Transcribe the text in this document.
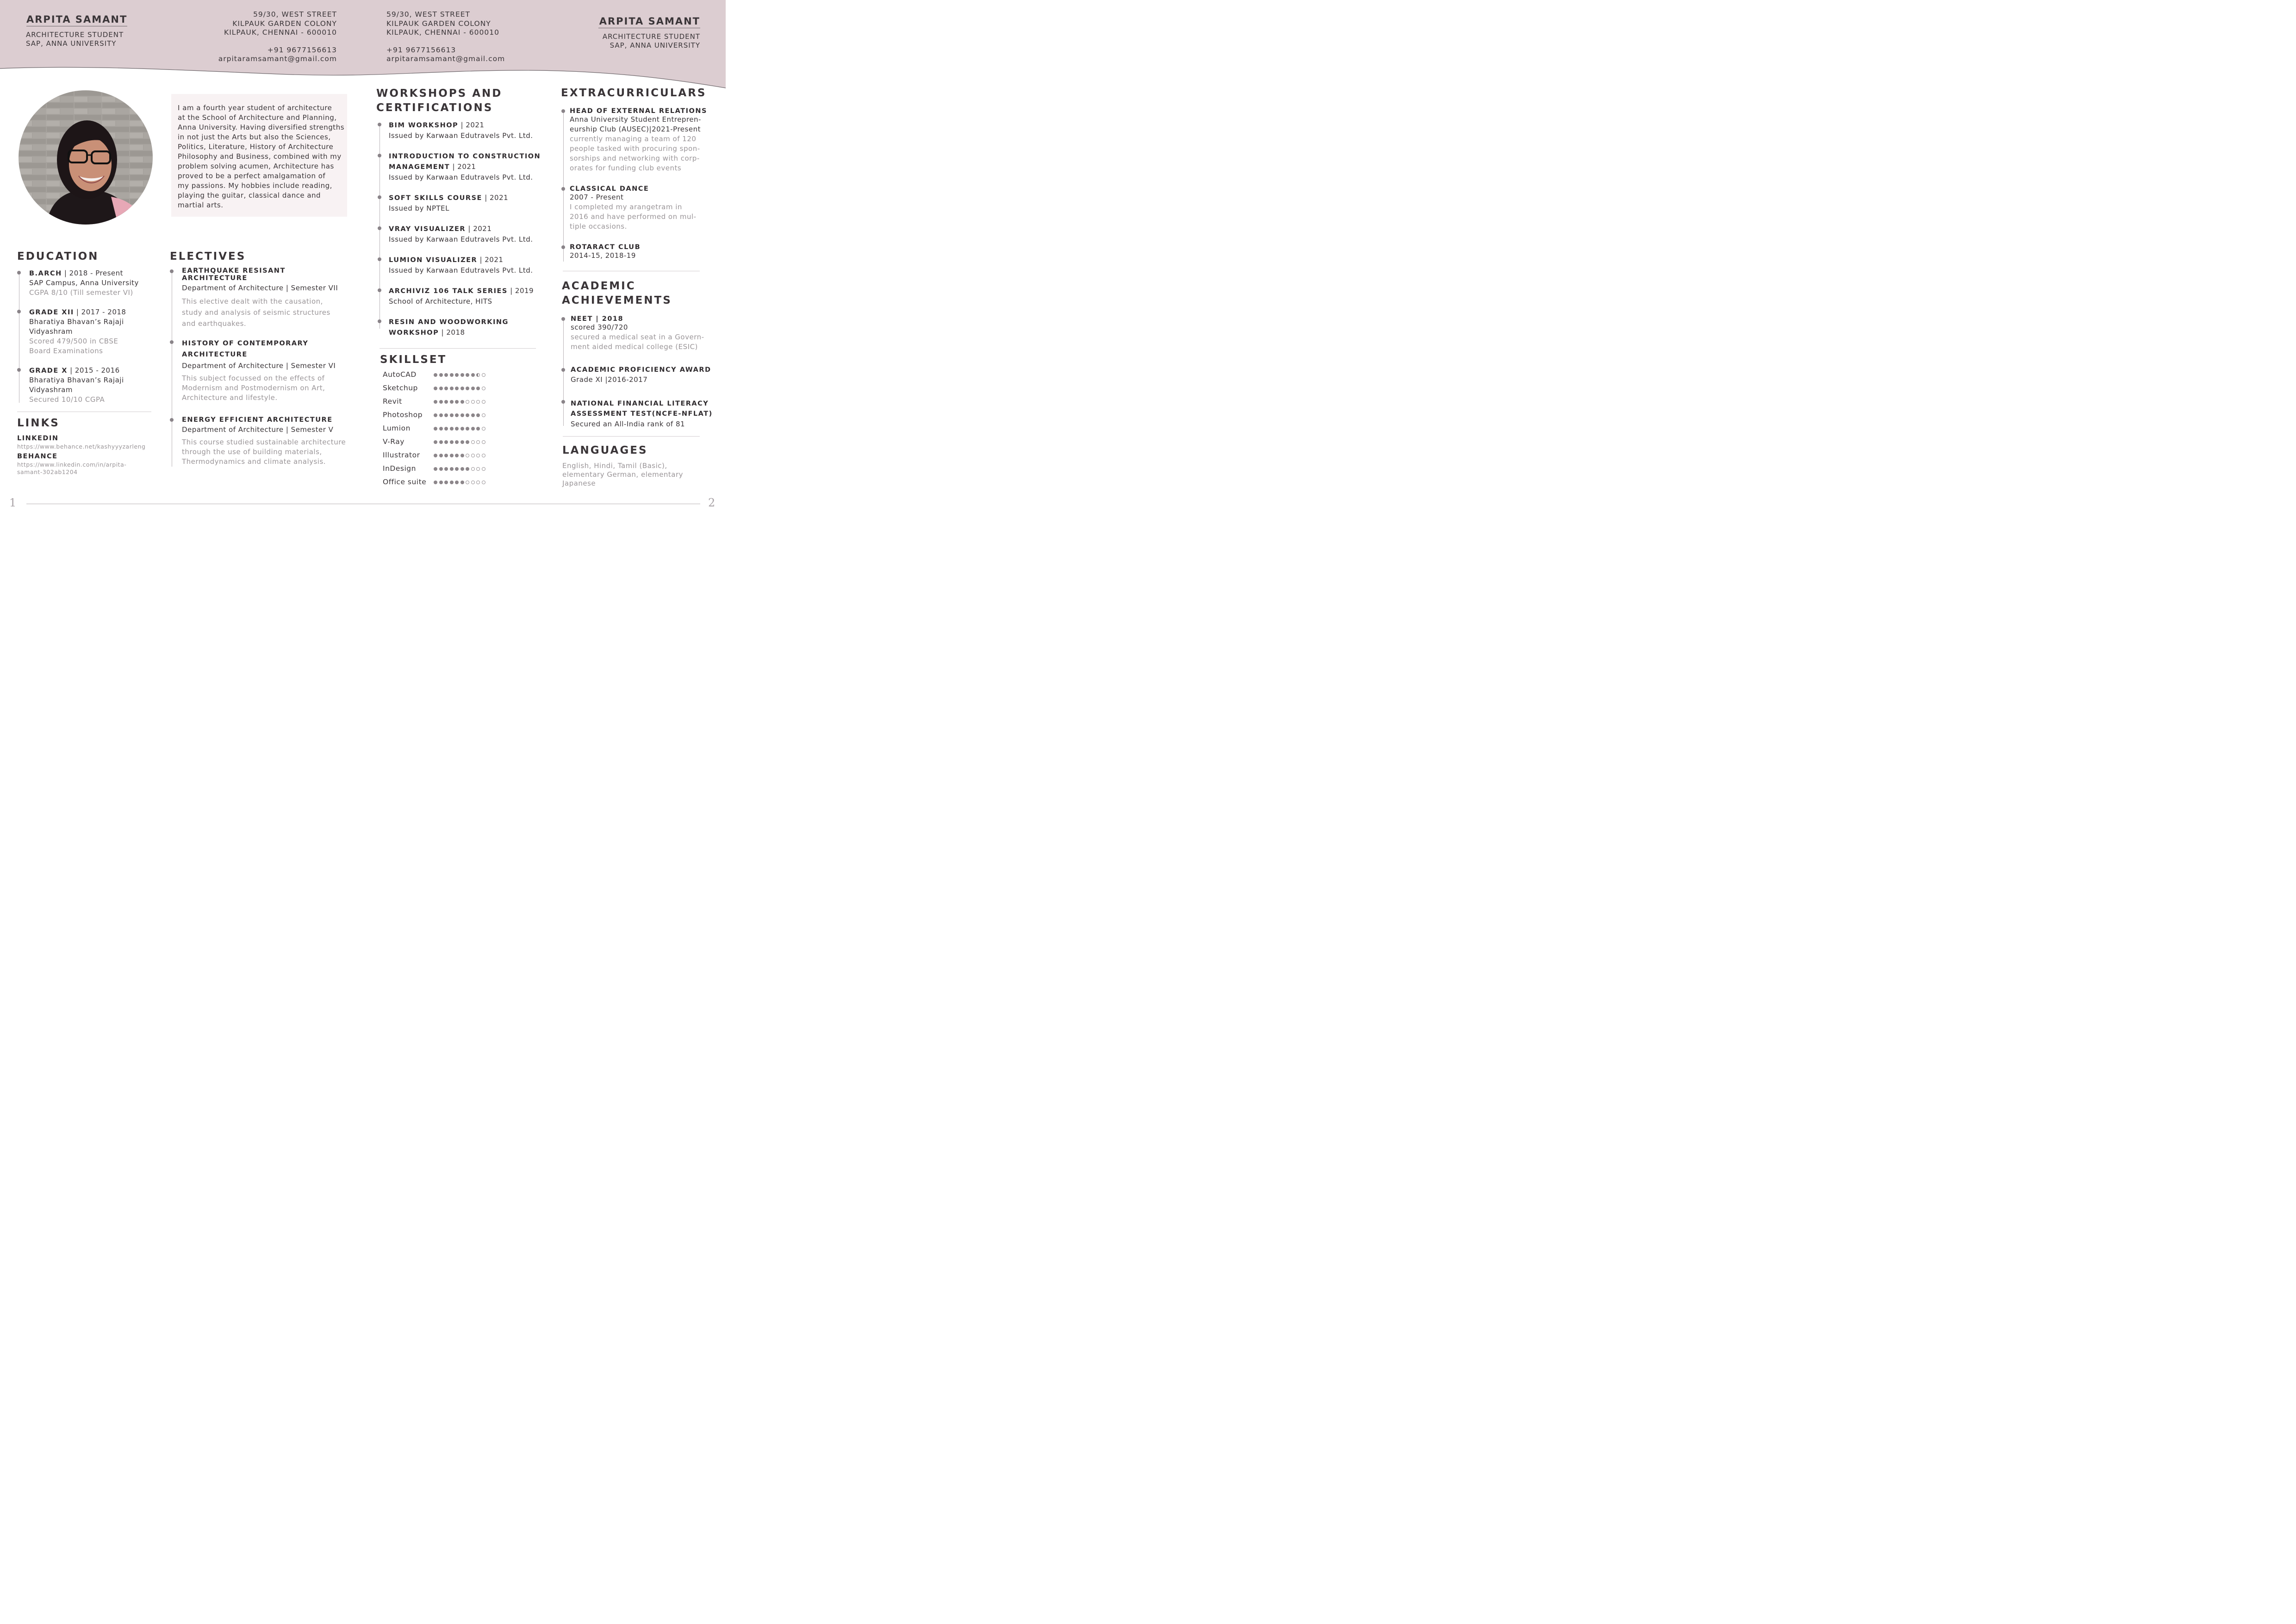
ARPITA SAMANT
ARCHITECTURE STUDENT
SAP, ANNA UNIVERSITY
59/30, WEST STREET
KILPAUK GARDEN COLONY
KILPAUK, CHENNAI - 600010
+91 9677156613
arpitaramsamant@gmail.com
59/30, WEST STREET
KILPAUK GARDEN COLONY
KILPAUK, CHENNAI - 600010
+91 9677156613
arpitaramsamant@gmail.com
ARPITA SAMANT
ARCHITECTURE STUDENT
SAP, ANNA UNIVERSITY
I am a fourth year student of architecture
at the School of Architecture and Planning,
Anna University. Having diversified strengths
in not just the Arts but also the Sciences,
Politics, Literature, History of Architecture
Philosophy and Business, combined with my
problem solving acumen, Architecture has
proved to be a perfect amalgamation of
my passions. My hobbies include reading,
playing the guitar, classical dance and
martial arts.
EDUCATION
B.ARCH | 2018 - Present
SAP Campus, Anna University
CGPA 8/10 (Till semester VI)
GRADE XII | 2017 - 2018
Bharatiya Bhavan’s Rajaji
Vidyashram
Scored 479/500 in CBSE
Board Examinations
GRADE X | 2015 - 2016
Bharatiya Bhavan’s Rajaji
Vidyashram
Secured 10/10 CGPA
LINKS
LINKEDIN
https://www.behance.net/kashyyyzarleng
BEHANCE
https://www.linkedin.com/in/arpita-
samant-302ab1204
ELECTIVES
EARTHQUAKE RESISANT ARCHITECTURE
Department of Architecture | Semester VII
This elective dealt with the causation,
study and analysis of seismic structures
and earthquakes.
HISTORY OF CONTEMPORARY
ARCHITECTURE
Department of Architecture | Semester VI
This subject focussed on the effects of
Modernism and Postmodernism on Art,
Architecture and lifestyle.
ENERGY EFFICIENT ARCHITECTURE
Department of Architecture | Semester V
This course studied sustainable architecture
through the use of building materials,
Thermodynamics and climate analysis.
WORKSHOPS AND
CERTIFICATIONS
BIM WORKSHOP | 2021
Issued by Karwaan Edutravels Pvt. Ltd.
INTRODUCTION TO CONSTRUCTION
MANAGEMENT | 2021
Issued by Karwaan Edutravels Pvt. Ltd.
SOFT SKILLS COURSE | 2021
Issued by NPTEL
VRAY VISUALIZER | 2021
Issued by Karwaan Edutravels Pvt. Ltd.
LUMION VISUALIZER | 2021
Issued by Karwaan Edutravels Pvt. Ltd.
ARCHIVIZ 106 TALK SERIES | 2019
School of Architecture, HITS
RESIN AND WOODWORKING
WORKSHOP | 2018
SKILLSET
AutoCAD
Sketchup
Revit
Photoshop
Lumion
V-Ray
Illustrator
InDesign
Office suite
EXTRACURRICULARS
HEAD OF EXTERNAL RELATIONS
Anna University Student Entrepren-
eurship Club (AUSEC)|2021-Present
currently managing a team of 120
people tasked with procuring spon-
sorships and networking with corp-
orates for funding club events
CLASSICAL DANCE
2007 - Present
I completed my arangetram in
2016 and have performed on mul-
tiple occasions.
ROTARACT CLUB
2014-15, 2018-19
ACADEMIC
ACHIEVEMENTS
NEET | 2018
scored 390/720
secured a medical seat in a Govern-
ment aided medical college (ESIC)
ACADEMIC PROFICIENCY AWARD
Grade XI |2016-2017
NATIONAL FINANCIAL LITERACY
ASSESSMENT TEST(NCFE-NFLAT)
Secured an All-India rank of 81
LANGUAGES
English, Hindi, Tamil (Basic),
elementary German, elementary
Japanese
1	2
